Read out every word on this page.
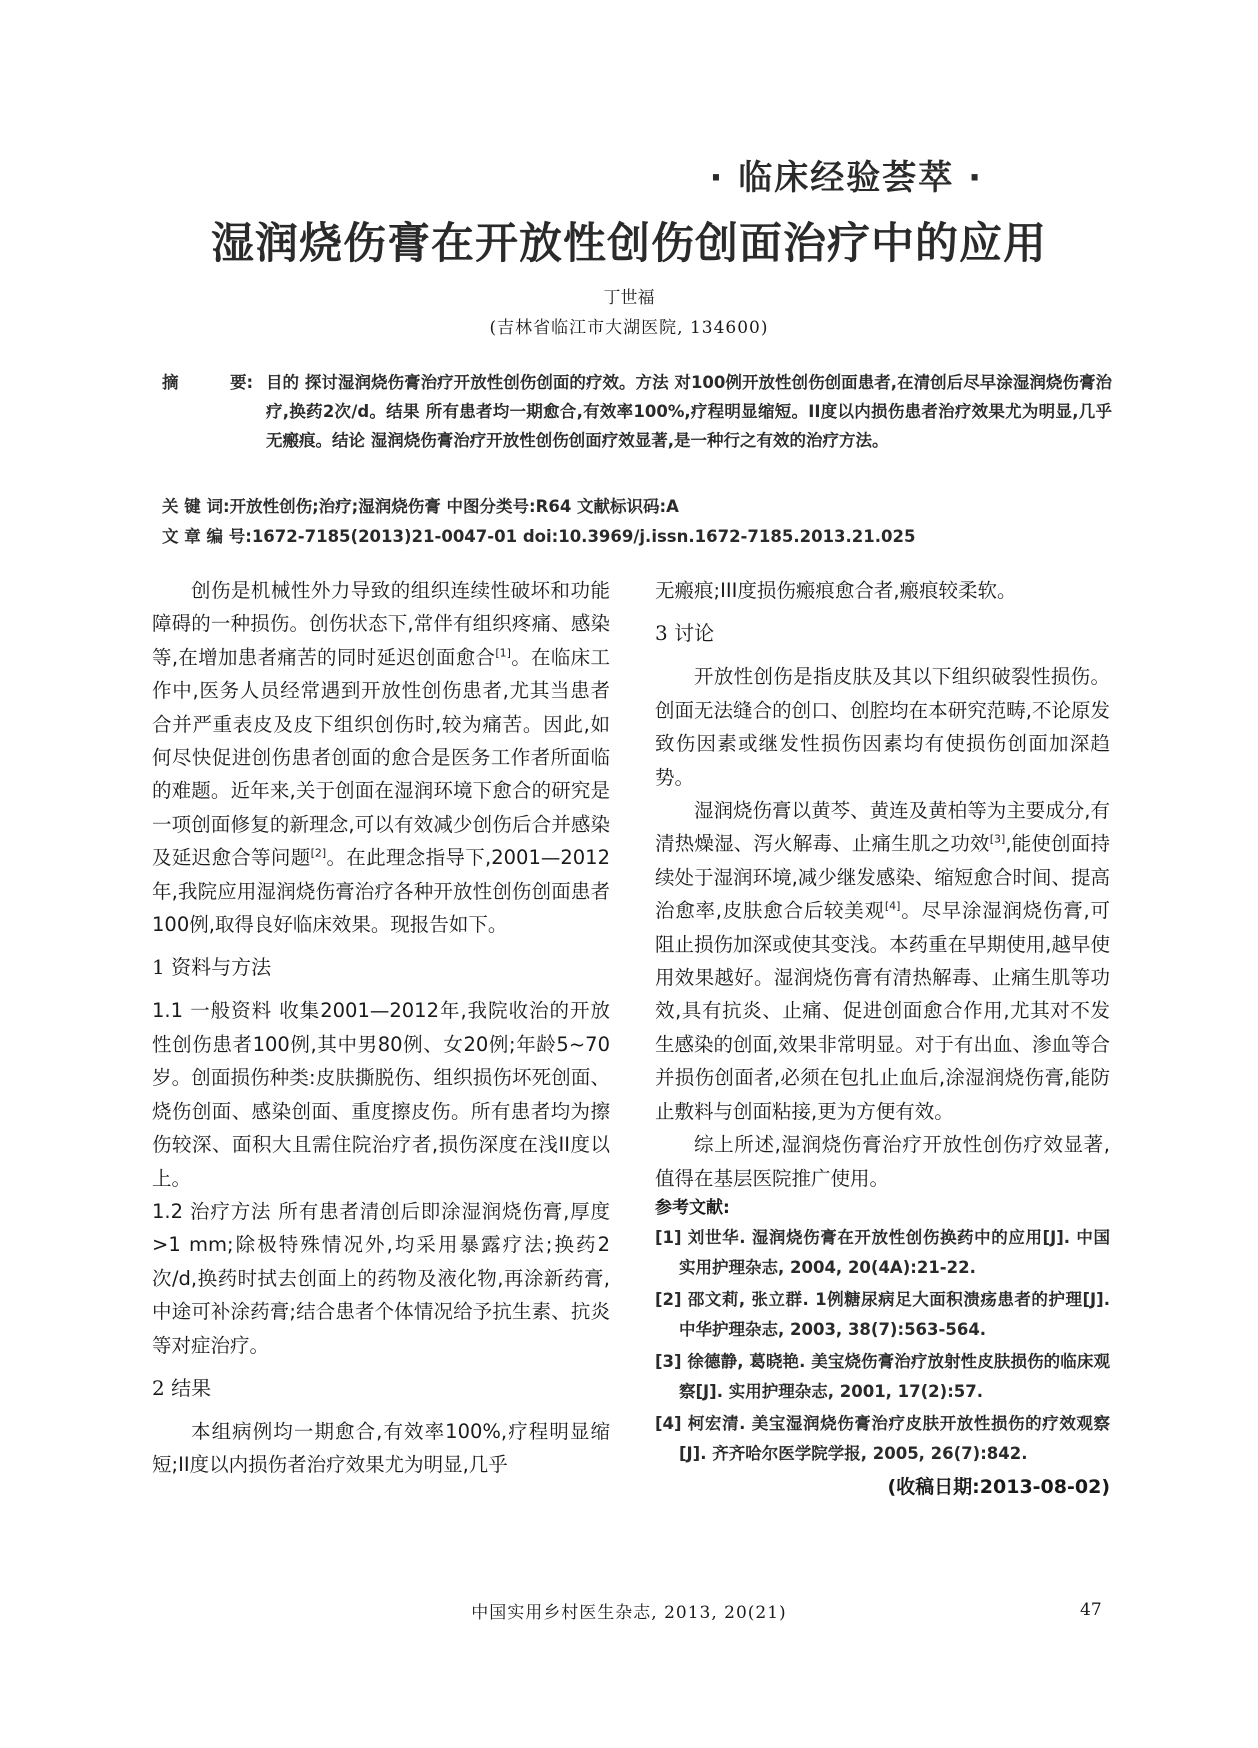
· 临床经验荟萃 ·
湿润烧伤膏在开放性创伤创面治疗中的应用
丁世福
(吉林省临江市大湖医院, 134600)
摘	要: 目的 探讨湿润烧伤膏治疗开放性创伤创面的疗效。方法 对100例开放性创伤创面患者,在清创后尽早涂湿润烧伤膏治疗,换药2次/d。结果 所有患者均一期愈合,有效率100%,疗程明显缩短。II度以内损伤患者治疗效果尤为明显,几乎无瘢痕。结论 湿润烧伤膏治疗开放性创伤创面疗效显著,是一种行之有效的治疗方法。
关 键 词:开放性创伤;治疗;湿润烧伤膏 中图分类号:R64 文献标识码:A
文 章 编 号:1672-7185(2013)21-0047-01 doi:10.3969/j.issn.1672-7185.2013.21.025

创伤是机械性外力导致的组织连续性破坏和功能障碍的一种损伤。创伤状态下,常伴有组织疼痛、感染等,在增加患者痛苦的同时延迟创面愈合[1]。在临床工作中,医务人员经常遇到开放性创伤患者,尤其当患者合并严重表皮及皮下组织创伤时,较为痛苦。因此,如何尽快促进创伤患者创面的愈合是医务工作者所面临的难题。近年来,关于创面在湿润环境下愈合的研究是一项创面修复的新理念,可以有效减少创伤后合并感染及延迟愈合等问题[2]。在此理念指导下,2001—2012年,我院应用湿润烧伤膏治疗各种开放性创伤创面患者100例,取得良好临床效果。现报告如下。

1 资料与方法

1.1 一般资料 收集2001—2012年,我院收治的开放性创伤患者100例,其中男80例、女20例;年龄5~70岁。创面损伤种类:皮肤撕脱伤、组织损伤坏死创面、烧伤创面、感染创面、重度擦皮伤。所有患者均为擦伤较深、面积大且需住院治疗者,损伤深度在浅II度以上。

1.2 治疗方法 所有患者清创后即涂湿润烧伤膏,厚度>1 mm;除极特殊情况外,均采用暴露疗法;换药2次/d,换药时拭去创面上的药物及液化物,再涂新药膏,中途可补涂药膏;结合患者个体情况给予抗生素、抗炎等对症治疗。

2 结果

本组病例均一期愈合,有效率100%,疗程明显缩短;II度以内损伤者治疗效果尤为明显,几乎

无瘢痕;III度损伤瘢痕愈合者,瘢痕较柔软。

3 讨论

开放性创伤是指皮肤及其以下组织破裂性损伤。创面无法缝合的创口、创腔均在本研究范畴,不论原发致伤因素或继发性损伤因素均有使损伤创面加深趋势。

湿润烧伤膏以黄芩、黄连及黄柏等为主要成分,有清热燥湿、泻火解毒、止痛生肌之功效[3],能使创面持续处于湿润环境,减少继发感染、缩短愈合时间、提高治愈率,皮肤愈合后较美观[4]。尽早涂湿润烧伤膏,可阻止损伤加深或使其变浅。本药重在早期使用,越早使用效果越好。湿润烧伤膏有清热解毒、止痛生肌等功效,具有抗炎、止痛、促进创面愈合作用,尤其对不发生感染的创面,效果非常明显。对于有出血、渗血等合并损伤创面者,必须在包扎止血后,涂湿润烧伤膏,能防止敷料与创面粘接,更为方便有效。

综上所述,湿润烧伤膏治疗开放性创伤疗效显著,值得在基层医院推广使用。

参考文献:

[1] 刘世华. 湿润烧伤膏在开放性创伤换药中的应用[J]. 中国实用护理杂志, 2004, 20(4A):21-22.

[2] 邵文莉, 张立群. 1例糖尿病足大面积溃疡患者的护理[J]. 中华护理杂志, 2003, 38(7):563-564.

[3] 徐德静, 葛晓艳. 美宝烧伤膏治疗放射性皮肤损伤的临床观察[J]. 实用护理杂志, 2001, 17(2):57.

[4] 柯宏清. 美宝湿润烧伤膏治疗皮肤开放性损伤的疗效观察[J]. 齐齐哈尔医学院学报, 2005, 26(7):842.

(收稿日期:2013-08-02)

中国实用乡村医生杂志, 2013, 20(21)	47
